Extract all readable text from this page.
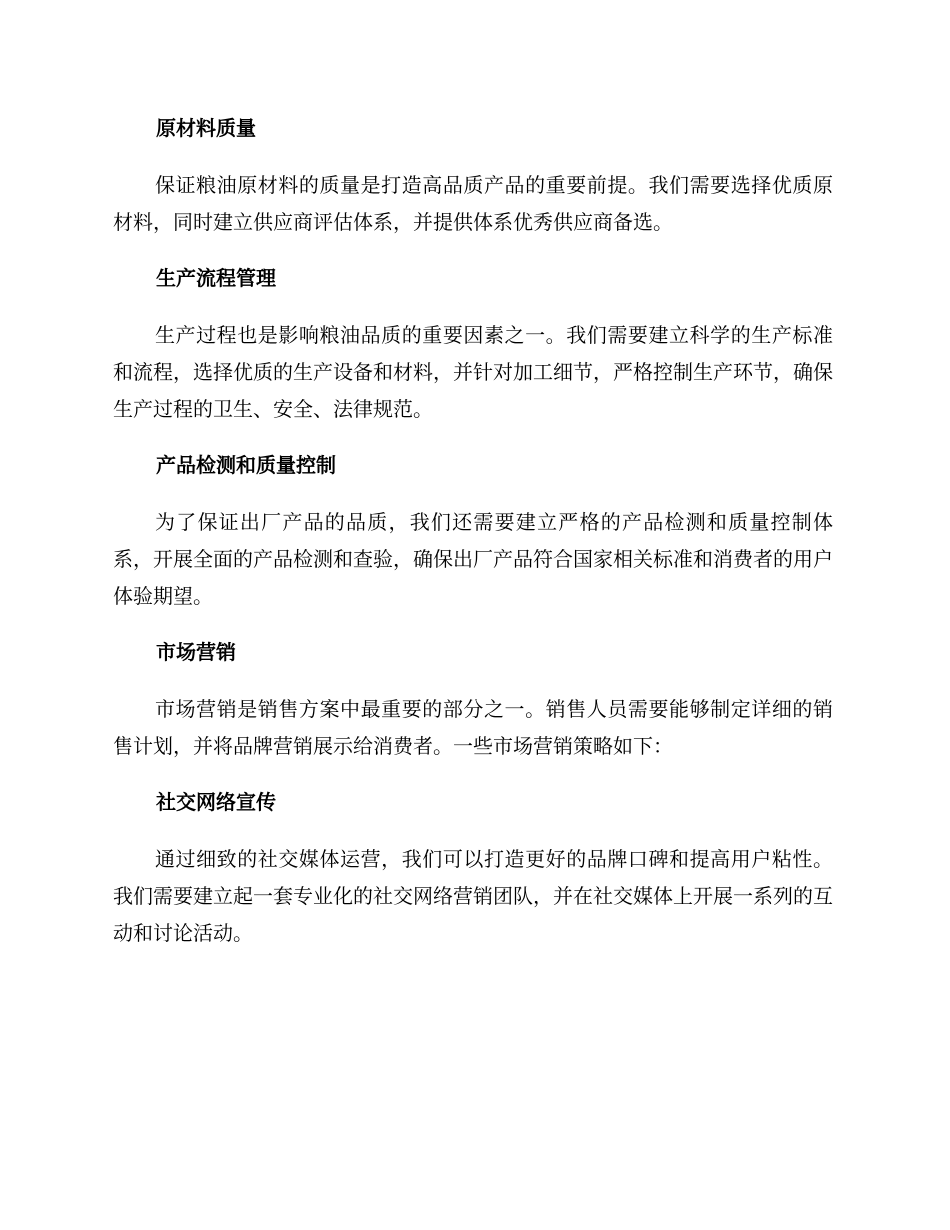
原材料质量

保证粮油原材料的质量是打造高品质产品的重要前提。我们需要选择优质原材料，同时建立供应商评估体系，并提供体系优秀供应商备选。

生产流程管理

生产过程也是影响粮油品质的重要因素之一。我们需要建立科学的生产标准和流程，选择优质的生产设备和材料，并针对加工细节，严格控制生产环节，确保生产过程的卫生、安全、法律规范。

产品检测和质量控制

为了保证出厂产品的品质，我们还需要建立严格的产品检测和质量控制体系，开展全面的产品检测和查验，确保出厂产品符合国家相关标准和消费者的用户体验期望。

市场营销

市场营销是销售方案中最重要的部分之一。销售人员需要能够制定详细的销售计划，并将品牌营销展示给消费者。一些市场营销策略如下：

社交网络宣传

通过细致的社交媒体运营，我们可以打造更好的品牌口碑和提高用户粘性。我们需要建立起一套专业化的社交网络营销团队，并在社交媒体上开展一系列的互动和讨论活动。
